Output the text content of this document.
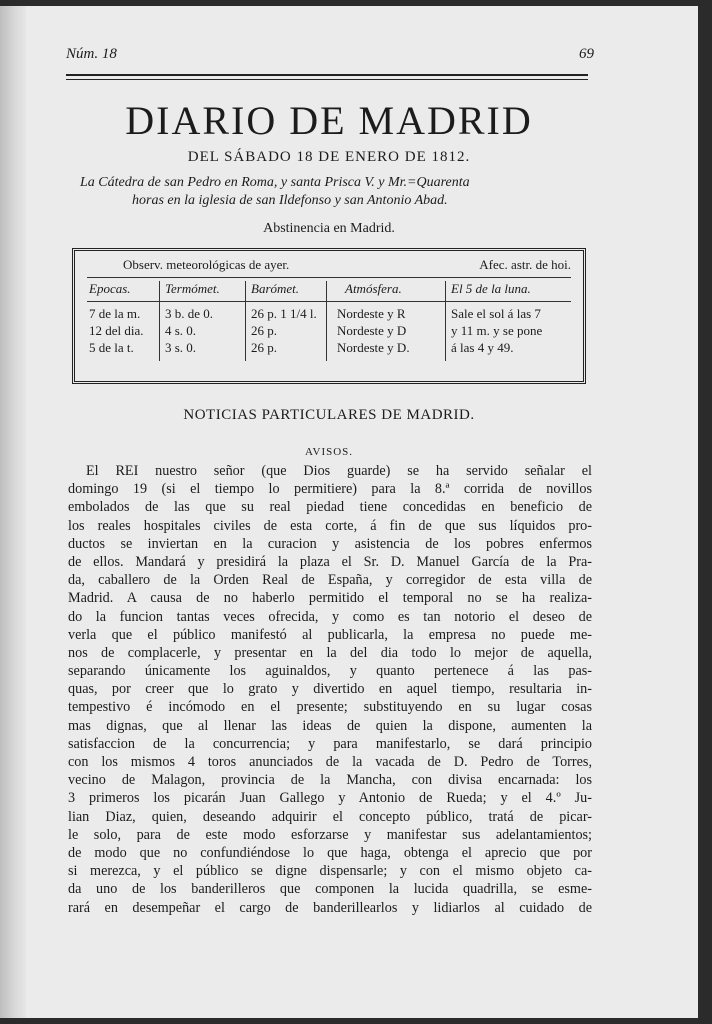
Núm. 18	69
DIARIO DE MADRID
DEL SÁBADO 18 DE ENERO DE 1812.
La Cátedra de san Pedro en Roma, y santa Prisca V. y Mr.=Quarenta
horas en la iglesia de san Ildefonso y san Antonio Abad.
Abstinencia en Madrid.
Observ. meteorológicas de ayer.	Afec. astr. de hoi.
Epocas.
7 de la m.
12 del dia.
5 de la t.
Termómet.
3 b. de 0.
4 s. 0.
3 s. 0.
Barómet.
26 p. 1 1/4 l.
26 p.
26 p.
Atmósfera.
Nordeste y R
Nordeste y D
Nordeste y D.
El 5 de la luna.
Sale el sol á las 7
y 11 m. y se pone
á las 4 y 49.
NOTICIAS PARTICULARES DE MADRID.
AVISOS.
El REI nuestro señor (que Dios guarde) se ha servido señalar el
domingo 19 (si el tiempo lo permitiere) para la 8.ª corrida de novillos
embolados de las que su real piedad tiene concedidas en beneficio de
los reales hospitales civiles de esta corte, á fin de que sus líquidos pro-
ductos se inviertan en la curacion y asistencia de los pobres enfermos
de ellos. Mandará y presidirá la plaza el Sr. D. Manuel García de la Pra-
da, caballero de la Orden Real de España, y corregidor de esta villa de
Madrid. A causa de no haberlo permitido el temporal no se ha realiza-
do la funcion tantas veces ofrecida, y como es tan notorio el deseo de
verla que el público manifestó al publicarla, la empresa no puede me-
nos de complacerle, y presentar en la del dia todo lo mejor de aquella,
separando únicamente los aguinaldos, y quanto pertenece á las pas-
quas, por creer que lo grato y divertido en aquel tiempo, resultaria in-
tempestivo é incómodo en el presente; substituyendo en su lugar cosas
mas dignas, que al llenar las ideas de quien la dispone, aumenten la
satisfaccion de la concurrencia; y para manifestarlo, se dará principio
con los mismos 4 toros anunciados de la vacada de D. Pedro de Torres,
vecino de Malagon, provincia de la Mancha, con divisa encarnada: los
3 primeros los picarán Juan Gallego y Antonio de Rueda; y el 4.º Ju-
lian Diaz, quien, deseando adquirir el concepto público, tratá de picar-
le solo, para de este modo esforzarse y manifestar sus adelantamientos;
de modo que no confundiéndose lo que haga, obtenga el aprecio que por
si merezca, y el público se digne dispensarle; y con el mismo objeto ca-
da uno de los banderilleros que componen la lucida quadrilla, se esme-
rará en desempeñar el cargo de banderillearlos y lidiarlos al cuidado de
